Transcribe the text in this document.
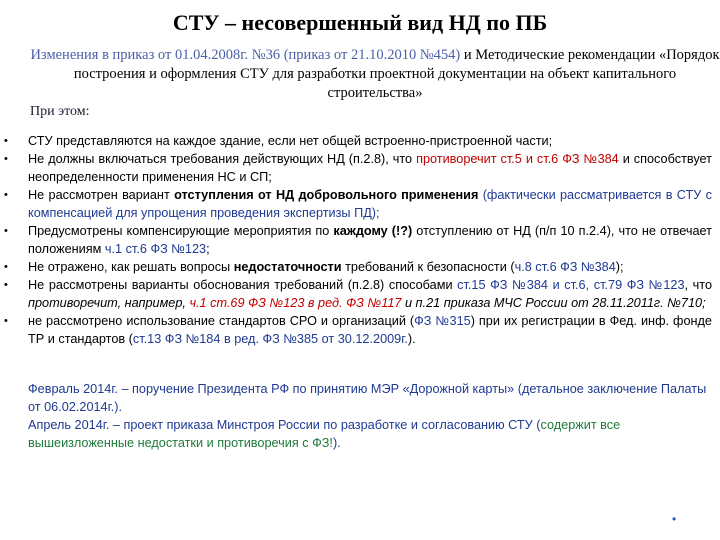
СТУ – несовершенный вид НД по ПБ

Изменения в приказ от 01.04.2008г. №36 (приказ от 21.10.2010 №454) и Методические рекомендации «Порядок построения и оформления СТУ для разработки проектной документации на объект капитального строительства»

При этом:
• СТУ представляются на каждое здание, если нет общей встроенно-пристроенной части;
• Не должны включаться требования действующих НД (п.2.8), что противоречит ст.5 и ст.6 ФЗ №384 и способствует неопределенности применения НС и СП;
• Не рассмотрен вариант отступления от НД добровольного применения (фактически рассматривается в СТУ с компенсацией для упрощения проведения экспертизы ПД);
• Предусмотрены компенсирующие мероприятия по каждому (!?) отступлению от НД (п/п 10 п.2.4), что не отвечает положениям ч.1 ст.6 ФЗ №123;
• Не отражено, как решать вопросы недостаточности требований к безопасности (ч.8 ст.6 ФЗ №384);
• Не рассмотрены варианты обоснования требований (п.2.8) способами ст.15 ФЗ №384 и ст.6, ст.79 ФЗ №123, что противоречит, например, ч.1 ст.69 ФЗ №123 в ред. ФЗ №117 и п.21 приказа МЧС России от 28.11.2011г. №710;
• не рассмотрено использование стандартов СРО и организаций (ФЗ №315) при их регистрации в Фед. инф. фонде ТР и стандартов (ст.13 ФЗ №184 в ред. ФЗ №385 от 30.12.2009г.).

Февраль 2014г. – поручение Президента РФ по принятию МЭР «Дорожной карты» (детальное заключение Палаты от 06.02.2014г.).

Апрель 2014г. – проект приказа Минстроя России по разработке и согласованию СТУ (содержит все вышеизложенные недостатки и противоречия с ФЗ!).

•
